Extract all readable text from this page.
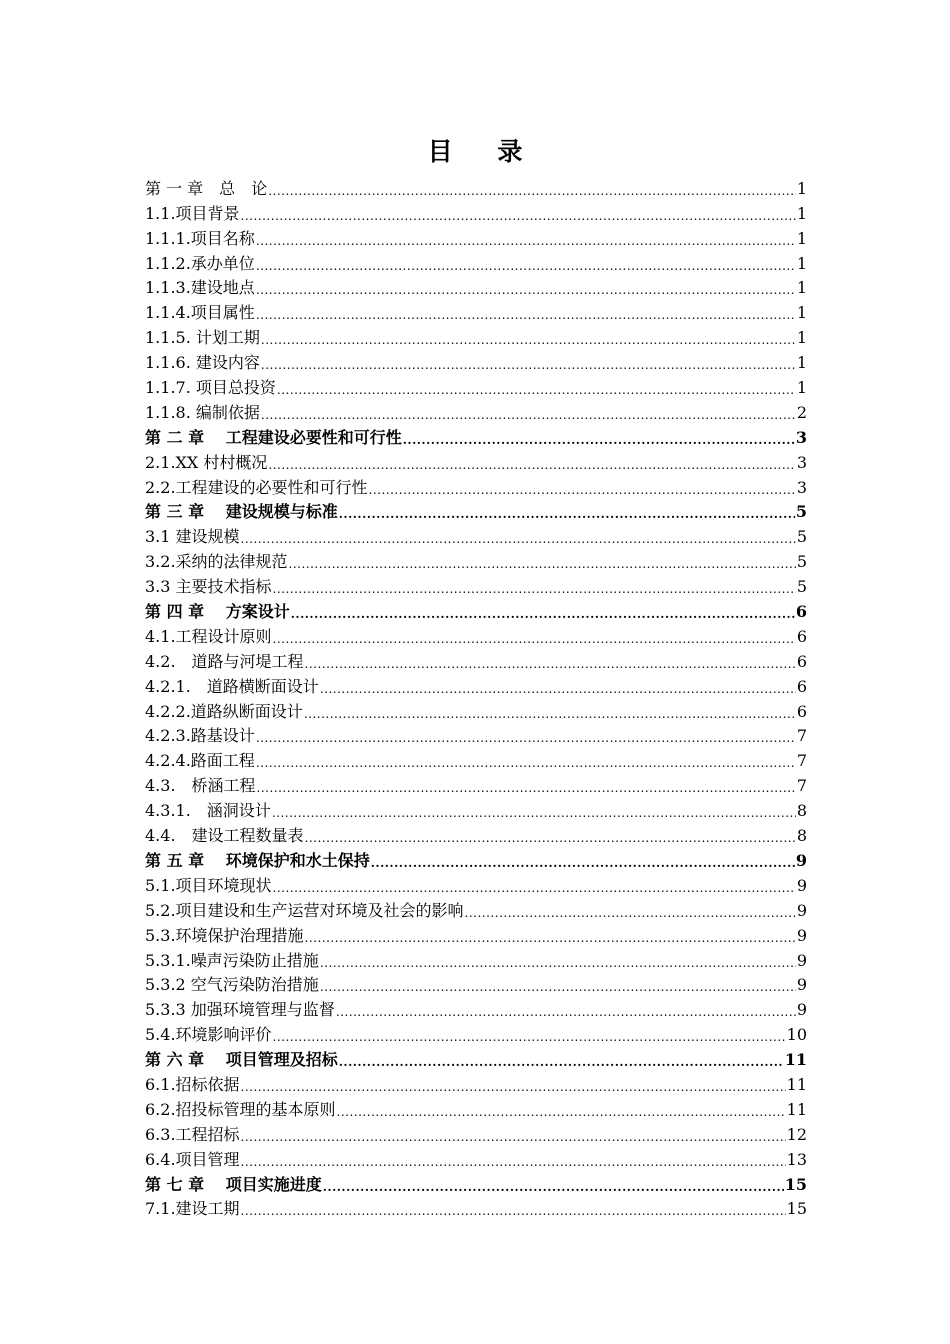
目 录
第 一 章　总　论 .....	1
1.1.项目背景 .....	1
1.1.1.项目名称 .....	1
1.1.2.承办单位 .....	1
1.1.3.建设地点 .....	1
1.1.4.项目属性 .....	1
1.1.5. 计划工期 .....	1
1.1.6. 建设内容 .....	1
1.1.7. 项目总投资 .....	1
1.1.8. 编制依据 .....	2
第 二 章　 工程建设必要性和可行性 .....	3
2.1.XX 村村概况 .....	3
2.2.工程建设的必要性和可行性 .....	3
第 三 章　 建设规模与标准 .....	5
3.1 建设规模 .....	5
3.2.采纳的法律规范 .....	5
3.3 主要技术指标 .....	5
第 四 章　 方案设计 .....	6
4.1.工程设计原则 .....	6
4.2.　道路与河堤工程 .....	6
4.2.1.　道路横断面设计 .....	6
4.2.2.道路纵断面设计 .....	6
4.2.3.路基设计 .....	7
4.2.4.路面工程 .....	7
4.3.　桥涵工程 .....	7
4.3.1.　涵洞设计 .....	8
4.4.　建设工程数量表 .....	8
第 五 章　 环境保护和水土保持 .....	9
5.1.项目环境现状 .....	9
5.2.项目建设和生产运营对环境及社会的影响 .....	9
5.3.环境保护治理措施 .....	9
5.3.1.噪声污染防止措施 .....	9
5.3.2 空气污染防治措施 .....	9
5.3.3 加强环境管理与监督 .....	9
5.4.环境影响评价 .....	10
第 六 章　 项目管理及招标 .....	11
6.1.招标依据 .....	11
6.2.招投标管理的基本原则 .....	11
6.3.工程招标 .....	12
6.4.项目管理 .....	13
第 七 章　 项目实施进度 .....	15
7.1.建设工期 .....	15
